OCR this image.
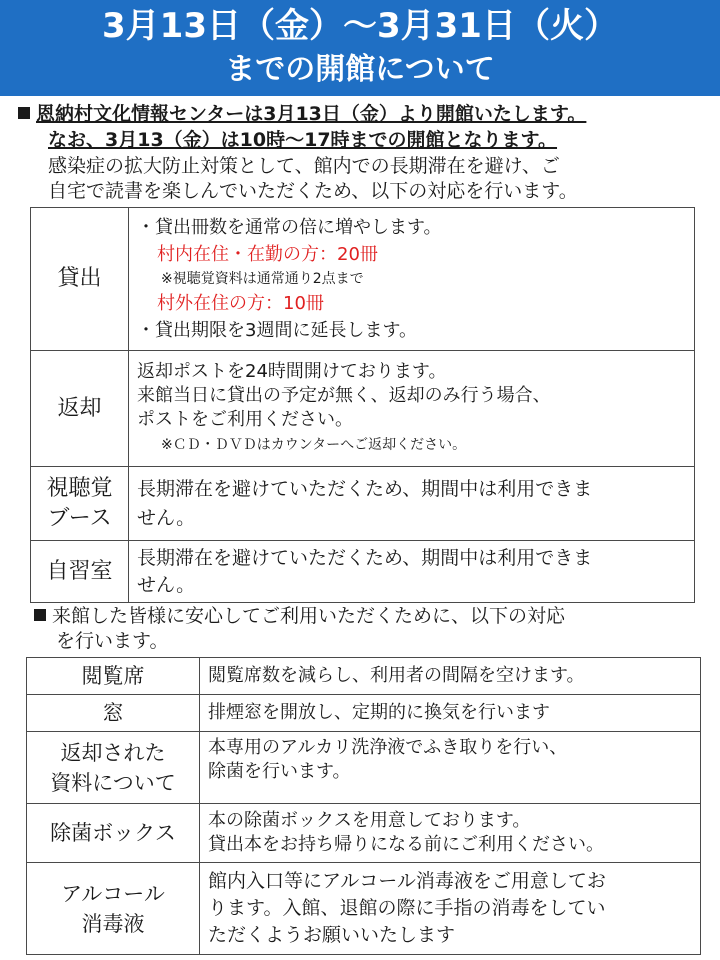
3月13日（金）～3月31日（火）
までの開館について
恩納村文化情報センターは3月13日（金）より開館いたします。
なお、3月13（金）は10時～17時までの開館となります。
感染症の拡大防止対策として、館内での長期滞在を避け、ご
自宅で読書を楽しんでいただくため、以下の対応を行います。
貸出	・貸出冊数を通常の倍に増やします。
村内在住・在勤の方：20冊
※視聴覚資料は通常通り2点まで
村外在住の方：10冊
・貸出期限を3週間に延長します。

返却	返却ポストを24時間開けております。
来館当日に貸出の予定が無く、返却のみ行う場合、
ポストをご利用ください。
※ＣＤ・ＤＶＤはカウンターへご返却ください。

視聴覚
ブース	長期滞在を避けていただくため、期間中は利用できま
せん。

自習室	長期滞在を避けていただくため、期間中は利用できま
せん。
来館した皆様に安心してご利用いただくために、以下の対応
を行います。
閲覧席	閲覧席数を減らし、利用者の間隔を空けます。
窓	排煙窓を開放し、定期的に換気を行います

返却された
資料について	本専用のアルカリ洗浄液でふき取りを行い、
除菌を行います。

除菌ボックス	本の除菌ボックスを用意しております。
貸出本をお持ち帰りになる前にご利用ください。

アルコール
消毒液	館内入口等にアルコール消毒液をご用意してお
ります。入館、退館の際に手指の消毒をしてい
ただくようお願いいたします
